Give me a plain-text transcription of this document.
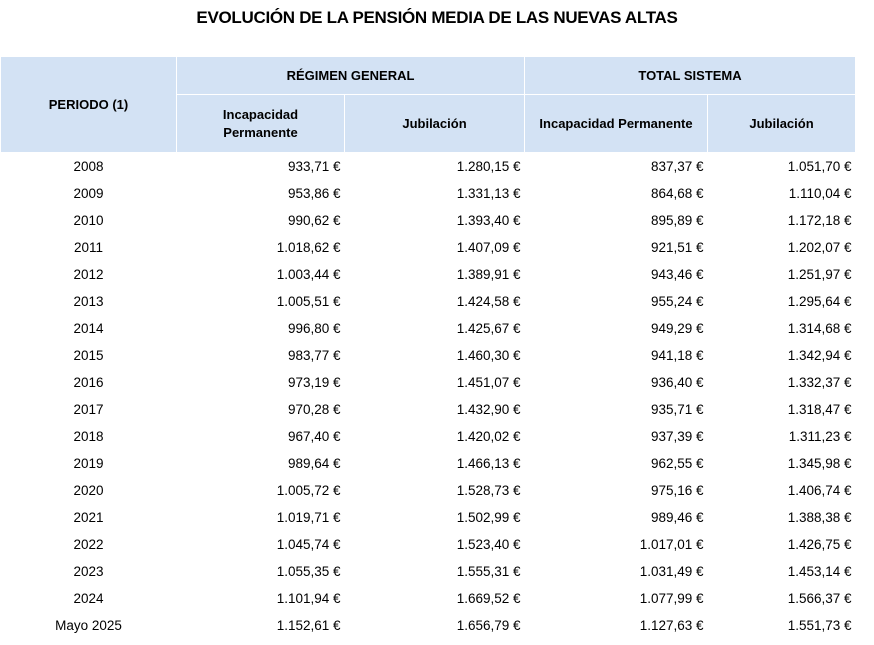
EVOLUCIÓN DE LA PENSIÓN MEDIA DE LAS NUEVAS ALTAS
PERIODO (1)	RÉGIMEN GENERAL		TOTAL SISTEMA	
	Incapacidad Permanente	Jubilación	Incapacidad Permanente	Jubilación
2008	933,71 €	1.280,15 €	837,37 €	1.051,70 €
2009	953,86 €	1.331,13 €	864,68 €	1.110,04 €
2010	990,62 €	1.393,40 €	895,89 €	1.172,18 €
2011	1.018,62 €	1.407,09 €	921,51 €	1.202,07 €
2012	1.003,44 €	1.389,91 €	943,46 €	1.251,97 €
2013	1.005,51 €	1.424,58 €	955,24 €	1.295,64 €
2014	996,80 €	1.425,67 €	949,29 €	1.314,68 €
2015	983,77 €	1.460,30 €	941,18 €	1.342,94 €
2016	973,19 €	1.451,07 €	936,40 €	1.332,37 €
2017	970,28 €	1.432,90 €	935,71 €	1.318,47 €
2018	967,40 €	1.420,02 €	937,39 €	1.311,23 €
2019	989,64 €	1.466,13 €	962,55 €	1.345,98 €
2020	1.005,72 €	1.528,73 €	975,16 €	1.406,74 €
2021	1.019,71 €	1.502,99 €	989,46 €	1.388,38 €
2022	1.045,74 €	1.523,40 €	1.017,01 €	1.426,75 €
2023	1.055,35 €	1.555,31 €	1.031,49 €	1.453,14 €
2024	1.101,94 €	1.669,52 €	1.077,99 €	1.566,37 €
Mayo 2025	1.152,61 €	1.656,79 €	1.127,63 €	1.551,73 €
